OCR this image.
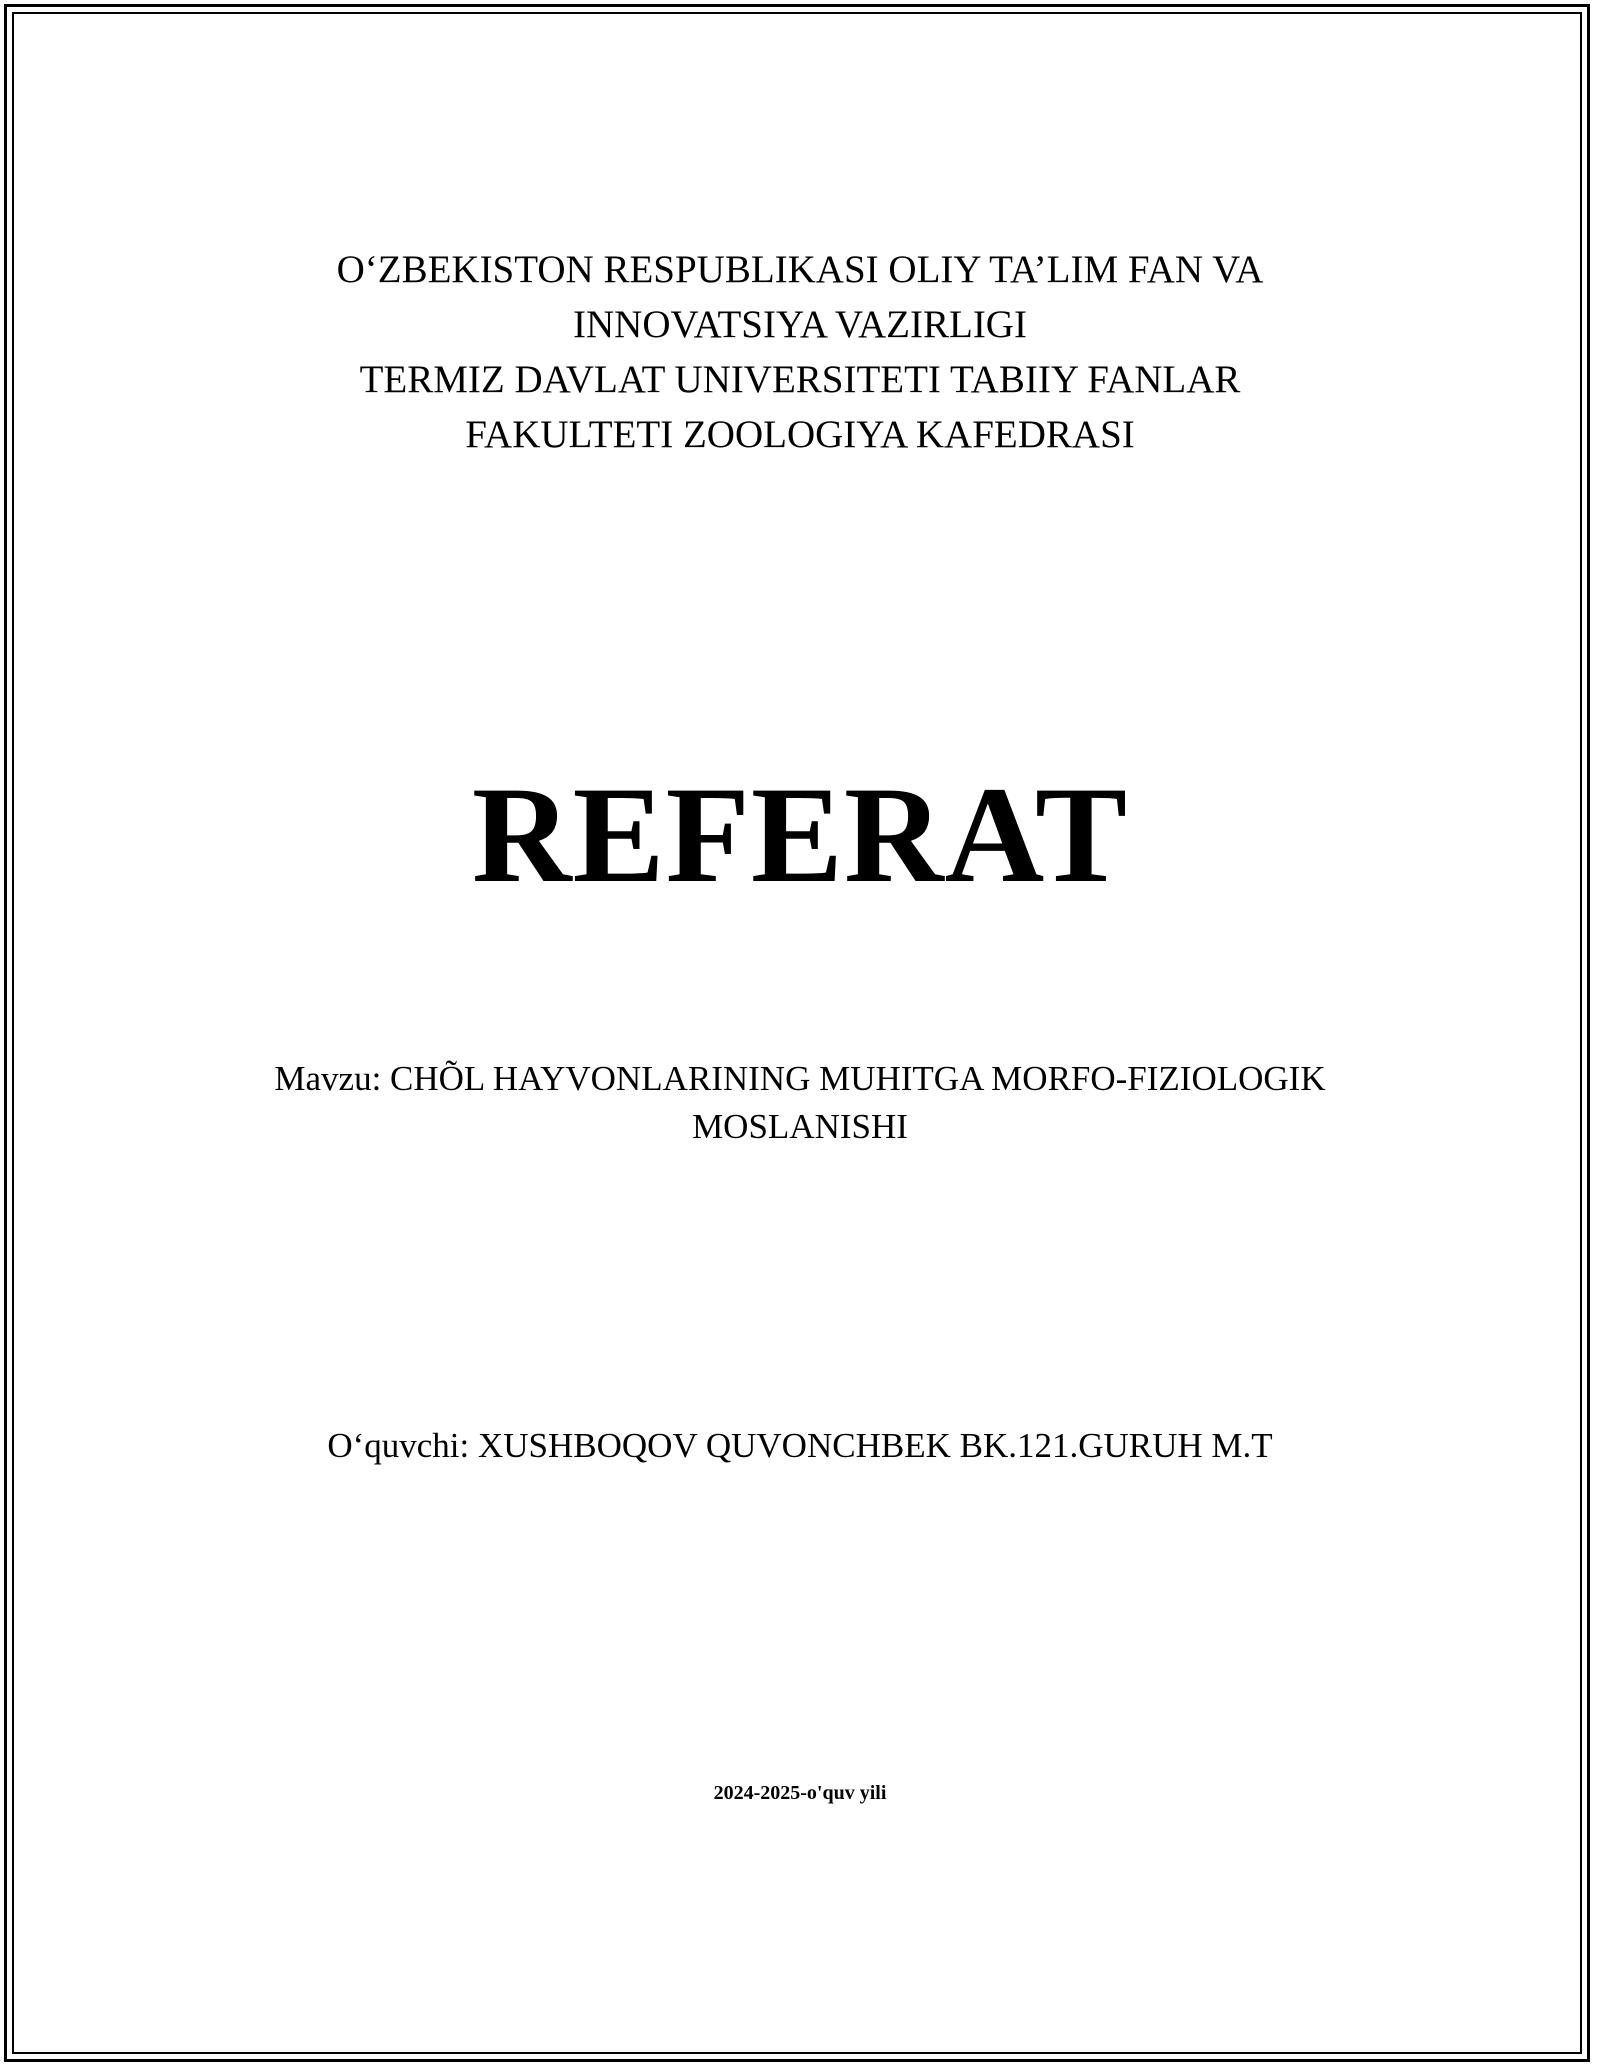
O‘ZBEKISTON RESPUBLIKASI OLIY TA’LIM FAN VA
INNOVATSIYA VAZIRLIGI
TERMIZ DAVLAT UNIVERSITETI TABIIY FANLAR
FAKULTETI ZOOLOGIYA KAFEDRASI
REFERAT
Mavzu: CHÕL HAYVONLARINING MUHITGA MORFO-FIZIOLOGIK
MOSLANISHI
O‘quvchi: XUSHBOQOV QUVONCHBEK BK.121.GURUH M.T
2024-2025-o'quv yili
